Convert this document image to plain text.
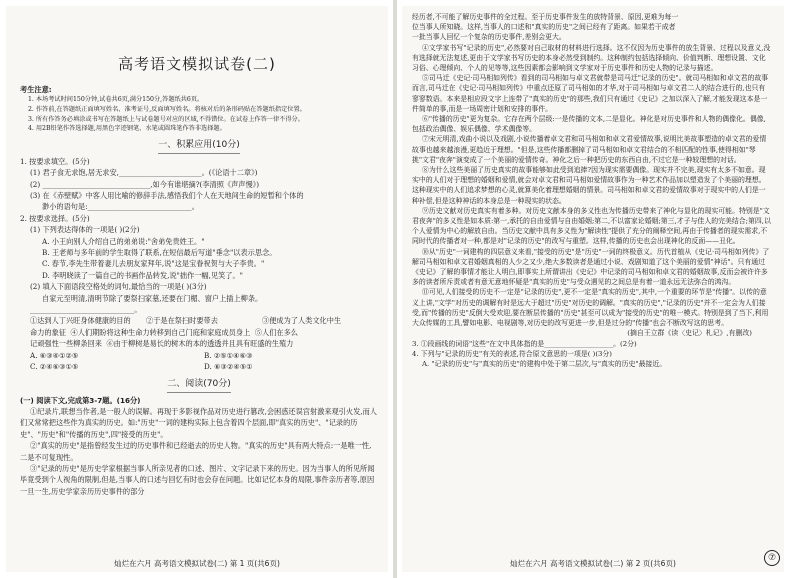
高考语文模拟试卷(二)
考生注意:
1. 本场考试时间150分钟,试卷共6页,满分150分,答题纸共6页。
2. 作答前,在答题纸正面填写姓名、准考证号,反面填写姓名。将核对后的条形码贴在答题纸指定位置。
3. 所有作答务必填涂或书写在答题纸上与试卷题号对应的区域,不得错位。在试卷上作答一律不得分。
4. 用2B铅笔作答选择题,用黑色字迹钢笔、水笔或圆珠笔作答非选择题。
一、积累应用(10分)
1. 按要求填空。(5分)
(1) 君子食无求饱,居无求安,_______________________。(《论语十二章》)
(2) ______________________________,如今有谁堪摘?(李清照《声声慢》)
(3) 在《赤壁赋》中客人用比喻的修辞手法,感悟我们个人在天地间生命的短暂和个体的
渺小的语句是:_____________________________。
2. 按要求选择。(5分)
(1) 下列表达得体的一项是( )(2分)
A. 小王向别人介绍自己的弟弟说:"舍弟免贵姓王。"
B. 王老师与多年前的学生取得了联系,在短信最后写道"垂念"以表示思念。
C. 春节,李先生带着妻儿去朋友家拜年,说"这是宝眷祝贺与大子李贵。"
D. 李明晓读了一篇自己的书画作品转发,说"拙作一幅,见笑了。"
(2) 填入下面语段空格处的词句,最恰当的一项是( )(3分)
自家元至明清,清明节除了要祭扫家墓,还要在门楣、窗户上插上柳条。
_____________________________。
①达到人丁兴旺身体健康的目的	②于是在祭扫时要带去	③便成为了人类文化中生
命力的象征 ④人们期盼将这种生命力转移到自己门庭和家庭成员身上 ⑤人们在多么
记顽强性一些柳条回来 ⑥由于柳树是易长的树木的本的透透并且具有旺盛的生殖力
A. ⑥③④①②⑤	B. ②⑤①④⑥③
C. ②④⑥③①⑤	D. ⑥③②④⑤①
二、阅读(70分)
(一) 阅读下文,完成第3-7题。(16分)
①纪录片,联想当作者,是一般人的误解。再现于多影视作品对历史进行篡改,会困惑还误宫射激来观引火发,而人们又常常把这些作为真实的历史。如:"历史"一词的建构实际上包含着四个层面,即"真实的历史"、"记录的历史"、"历史"和"传播的历史",四"接受的历史"。
②"真实的历史"是指曾经发生过的历史事件和已经逝去的历史人物。"真实的历史"具有两大特点:一是唯一性,二是不可复现性。
③"记录的历史"是历史学家根据当事人所亲见者的口述、图片、文字记录下来的历史。因为当事人的所见所闻毕竟受到个人视角的限制,但是,当事人的口述与回忆有时也会存在问题。比如记忆本身的局限,事件亲历者等,原因一旦一生,历史学家亲历历史事件的部分
灿烂在六月 高考语文模拟试卷(二) 第 1 页(共6页)
经历者,不可能了解历史事件的全过程。至于历史事件发生的放特背景、原因,更难为每一
位当事人所知晓。这样,当事人的口述和"真实的历史"之间已经有了距离。如果若干成者
一批当事人回忆一个复杂的历史事件,差别会更大。
④文学家书写"记录的历史",必然要对自己取材的材料进行选择。这不仅因为历史事件的放生背景、过程以及意义,没有选择就无法复述,更由于文学家书写历史的本身必然受到制约。这种制约包括选择倾向、价值判断、理想设置、文化习俗、心理倾向、个人的见等等,这些因素都会影响到文学家对于历史事件和历史人物的记录与描述。
⑤司马迁《史记·司马相如列传》看到的司马相如与卓文君就带是司马迁"记录的历史"。就司马相如和卓文君的故事而言,司马迁在《史记·司马相如列传》中重点还原了司马相如的才华,对于司马相如与卓文君二人的结合进行的,也只有寥寥数语。本来是相应段文字上连带了"真实的历史"的那些,我们只有通过《史记》之加以深入了解,才能发现这本是一件简单的事,而是一场周密计划和安排的事件。
⑥"传播的历史"更为复杂。它存在两个层级:一是传播的文本,二是显化。神化是对历史事件和人物的偶像化。偶像,包括政治偶像、娱乐偶像、学术偶像等。
⑦宋元明清,戏曲小说以及戏剧,小说传播着卓文君和司马相如和卓文君爱情故事,说明比美故事塑造的卓文君的爱情故事也越来越浪漫,更趋近于理想。"但是,这些传播都删掉了司马相如和卓文君结合的不相匹配的性事,使得相如"琴挑"文君"夜奔"演变成了一个美丽的爱情传奇。神化之后一种把历史的东西自由,不过它是一种较理想的对话。
⑧为什么这些美丽了历史真实的故事能够如此受到追捧?因为现实需要偶像。现实并不完美,现实有太多不如意。现实中的人们对于理想的婚姻和爱情,就会对卓文君和司马相如爱情故事作为一种艺术作品加以塑造发了个美丽的理想。这种现实中的人们追求梦想的心灵,就算美化着理想婚姻的情景。司马相如和卓文君的爱情故事对于现实中的人们是一种补偿,但是这种神话的本身总是一种现实的状态。
⑨历史文献对历史真实有着多种。对历史文献本身的多义性也为传播历史带来了神化与显化的现实可能。特别是"文君夜奔"的多义性是如本质:第一,承托的自由爱情与自由婚姻;第二,不以富家论婚姻;第三,才子与佳人的完美结合;第四,以个人爱情为中心的解放自由。当历史文献中具有多义性为"解读性"提供了充分的阐释空间,再由于传播者的现实需求,不同时代的传播者对一种,都是对"记录的历史"的改写与重塑。这样,传播的历史也会出现神化的反面——丑化。
⑩从"历史"一词建构的四层意义来看,"接受的历史"是"历史"一词的终极意义。历代首植从《史记·司马相如列传》了解司马相如和卓文君婚姻真相的人少之又少,绝大多数读者是通过小说、戏剧知道了这个美丽的爱情"神话"。只有通过《史记》了解的事情才能让人明白,即事实上所谓讲出《史记》中记录的司马相如和卓文君的婚姻故事,反而会被许许多多的读者所斥责或者有意无意地怀疑是"真实的历史"与受众遇见的之间总是有着一道永远无法弥合的鸿沟。
⑪可见,人们接受的历史不一定是"记录的历史",更不一定是"真实的历史",其中,一个重要的环节是"传播"。以传的意义上讲,"文学"对历史的调解有时是远大于超过"历史"对历史的调解。"真实的历史","记录的历史"并不一定会为人们接受,而"传播的历史"反倒大受欢迎,要在断层传播的"历史"甚至可以成为"接受的历史"的唯一模式。特别是到了当下,利用大众传媒的工具,譬如电影、电视剧等,对历史的改写更进一步,但是过分的"传播"也会不断改写这的思考。
(摘自王立群《读〈史记〉札记》,有删改)
3. ①段画线的词语"这些"在文中具体指的是____________________。(2分)
4. 下列与"记录的历史"有关的表述,符合原文意思的一项是( )(3分)
A. "记录的历史"与"真实的历史"的建构中处于第二层次,与"真实的历史"最接近。
灿烂在六月 高考语文模拟试卷(二) 第 2 页(共6页)
⑦
